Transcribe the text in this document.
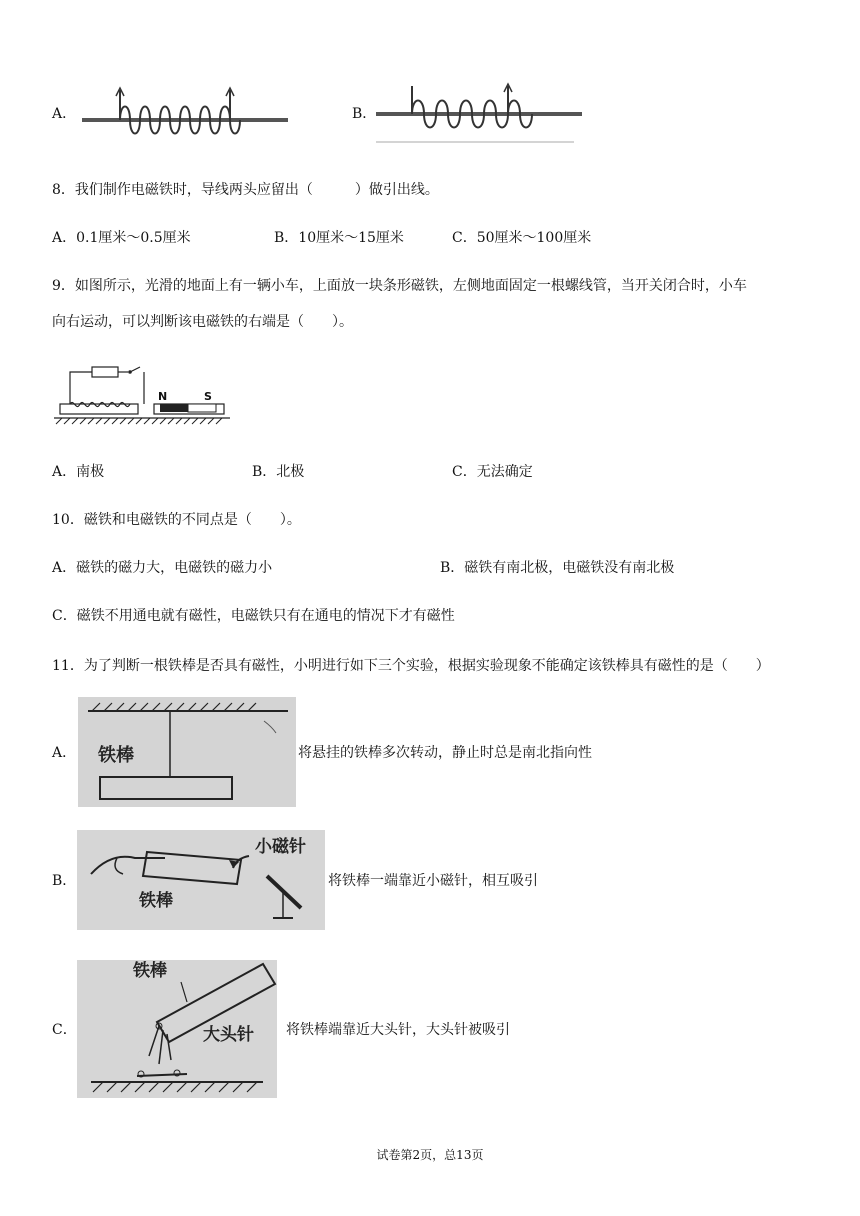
A．	B．
8．我们制作电磁铁时，导线两头应留出（　　　）做引出线。
A．0.1厘米～0.5厘米	B．10厘米～15厘米	C．50厘米～100厘米
9．如图所示，光滑的地面上有一辆小车，上面放一块条形磁铁，左侧地面固定一根螺线管，当开关闭合时，小车
向右运动，可以判断该电磁铁的右端是（　　）。
N	S
A．南极	B．北极	C．无法确定
10．磁铁和电磁铁的不同点是（　　）。
A．磁铁的磁力大，电磁铁的磁力小	B．磁铁有南北极，电磁铁没有南北极
C．磁铁不用通电就有磁性，电磁铁只有在通电的情况下才有磁性
11．为了判断一根铁棒是否具有磁性，小明进行如下三个实验，根据实验现象不能确定该铁棒具有磁性的是（　　）
A． 铁棒	将悬挂的铁棒多次转动，静止时总是南北指向性
B．
铁棒
小磁针
将铁棒一端靠近小磁针，相互吸引
C．
铁棒
大头针 将铁棒端靠近大头针，大头针被吸引
试卷第2页，总13页
